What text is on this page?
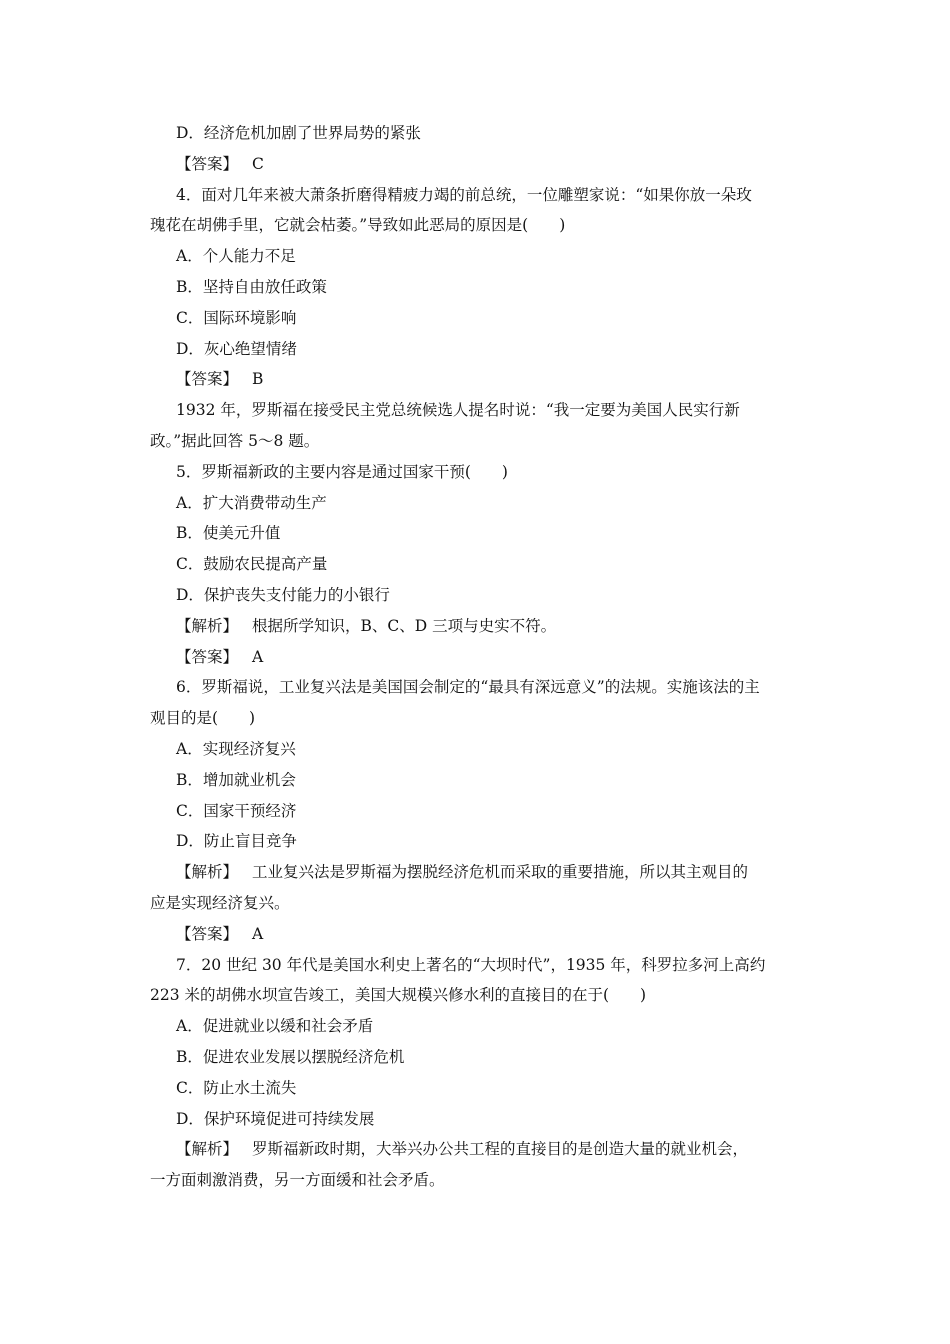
D．经济危机加剧了世界局势的紧张
【答案】 C
4．面对几年来被大萧条折磨得精疲力竭的前总统，一位雕塑家说：“如果你放一朵玫
瑰花在胡佛手里，它就会枯萎。”导致如此恶局的原因是(　　)
A．个人能力不足
B．坚持自由放任政策
C．国际环境影响
D．灰心绝望情绪
【答案】 B
1932 年，罗斯福在接受民主党总统候选人提名时说：“我一定要为美国人民实行新
政。”据此回答 5～8 题。
5．罗斯福新政的主要内容是通过国家干预(　　)
A．扩大消费带动生产
B．使美元升值
C．鼓励农民提高产量
D．保护丧失支付能力的小银行
【解析】 根据所学知识，B、C、D 三项与史实不符。
【答案】 A
6．罗斯福说，工业复兴法是美国国会制定的“最具有深远意义”的法规。实施该法的主
观目的是(　　)
A．实现经济复兴
B．增加就业机会
C．国家干预经济
D．防止盲目竞争
【解析】 工业复兴法是罗斯福为摆脱经济危机而采取的重要措施，所以其主观目的
应是实现经济复兴。
【答案】 A
7．20 世纪 30 年代是美国水利史上著名的“大坝时代”，1935 年，科罗拉多河上高约
223 米的胡佛水坝宣告竣工，美国大规模兴修水利的直接目的在于(　　)
A．促进就业以缓和社会矛盾
B．促进农业发展以摆脱经济危机
C．防止水土流失
D．保护环境促进可持续发展
【解析】 罗斯福新政时期，大举兴办公共工程的直接目的是创造大量的就业机会，
一方面刺激消费，另一方面缓和社会矛盾。
